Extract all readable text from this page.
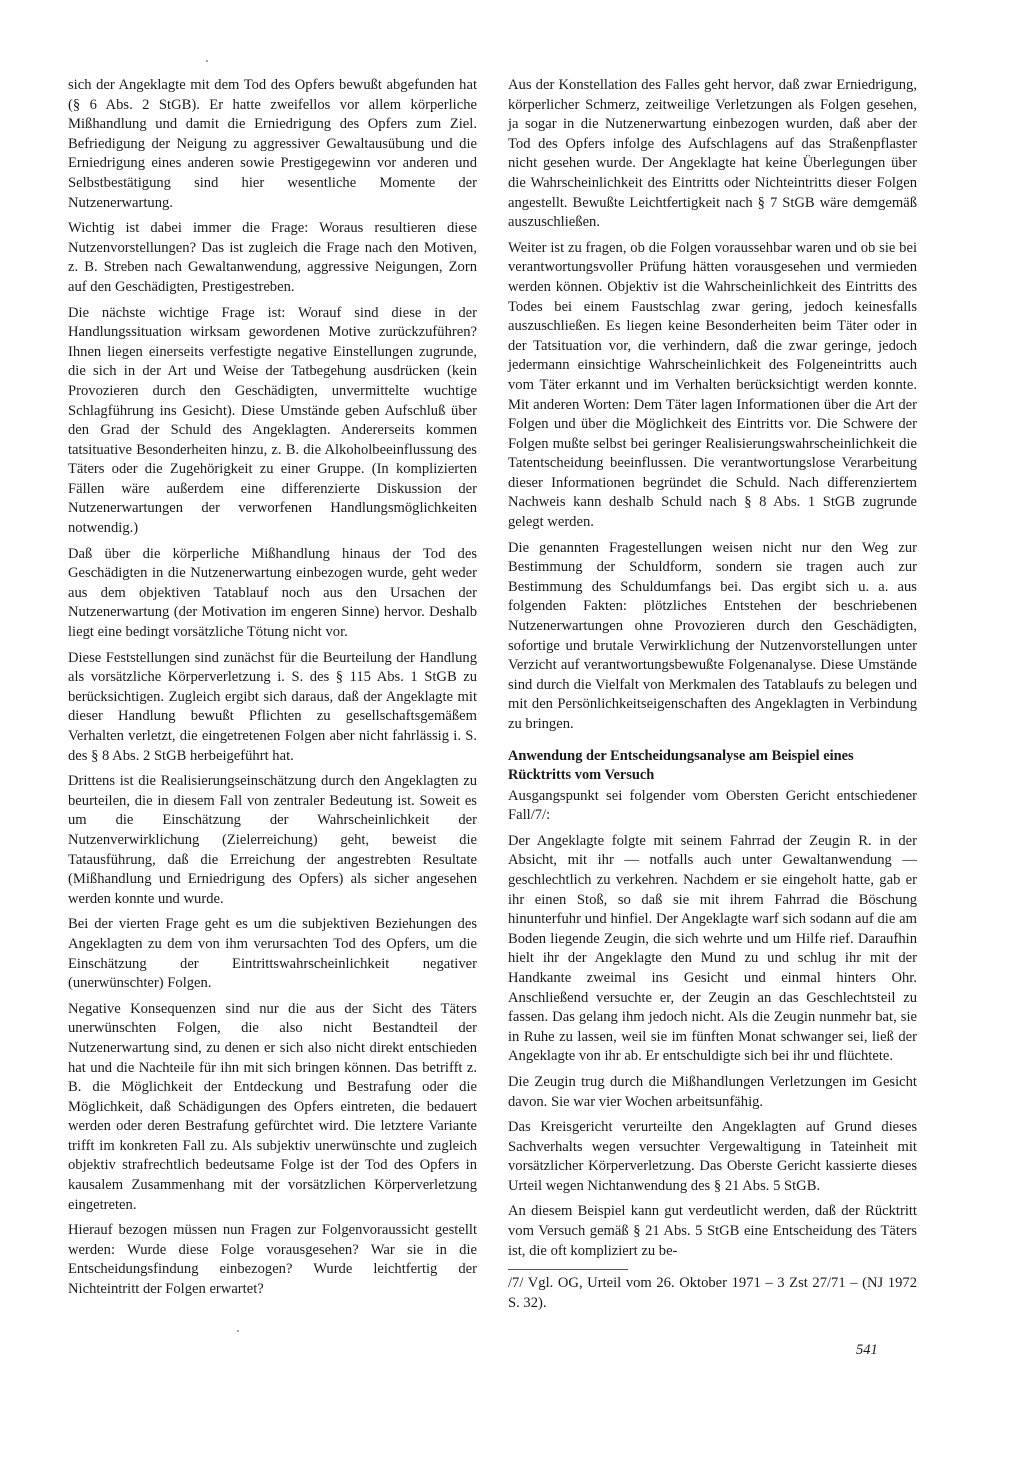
sich der Angeklagte mit dem Tod des Opfers bewußt abgefunden hat (§ 6 Abs. 2 StGB). Er hatte zweifellos vor allem körperliche Mißhandlung und damit die Erniedrigung des Opfers zum Ziel. Befriedigung der Neigung zu aggressiver Gewaltausübung und die Erniedrigung eines anderen sowie Prestigegewinn vor anderen und Selbstbestätigung sind hier wesentliche Momente der Nutzenerwartung.

Wichtig ist dabei immer die Frage: Woraus resultieren diese Nutzenvorstellungen? Das ist zugleich die Frage nach den Motiven, z. B. Streben nach Gewaltanwendung, aggressive Neigungen, Zorn auf den Geschädigten, Prestigestreben.

Die nächste wichtige Frage ist: Worauf sind diese in der Handlungssituation wirksam gewordenen Motive zurückzuführen? Ihnen liegen einerseits verfestigte negative Einstellungen zugrunde, die sich in der Art und Weise der Tatbegehung ausdrücken (kein Provozieren durch den Geschädigten, unvermittelte wuchtige Schlagführung ins Gesicht). Diese Umstände geben Aufschluß über den Grad der Schuld des Angeklagten. Andererseits kommen tatsituative Besonderheiten hinzu, z. B. die Alkoholbeeinflussung des Täters oder die Zugehörigkeit zu einer Gruppe. (In komplizierten Fällen wäre außerdem eine differenzierte Diskussion der Nutzenerwartungen der verworfenen Handlungsmöglichkeiten notwendig.)

Daß über die körperliche Mißhandlung hinaus der Tod des Geschädigten in die Nutzenerwartung einbezogen wurde, geht weder aus dem objektiven Tatablauf noch aus den Ursachen der Nutzenerwartung (der Motivation im engeren Sinne) hervor. Deshalb liegt eine bedingt vorsätzliche Tötung nicht vor.

Diese Feststellungen sind zunächst für die Beurteilung der Handlung als vorsätzliche Körperverletzung i. S. des § 115 Abs. 1 StGB zu berücksichtigen. Zugleich ergibt sich daraus, daß der Angeklagte mit dieser Handlung bewußt Pflichten zu gesellschaftsgemäßem Verhalten verletzt, die eingetretenen Folgen aber nicht fahrlässig i. S. des § 8 Abs. 2 StGB herbeigeführt hat.

Drittens ist die Realisierungseinschätzung durch den Angeklagten zu beurteilen, die in diesem Fall von zentraler Bedeutung ist. Soweit es um die Einschätzung der Wahrscheinlichkeit der Nutzenverwirklichung (Zielerreichung) geht, beweist die Tatausführung, daß die Erreichung der angestrebten Resultate (Mißhandlung und Erniedrigung des Opfers) als sicher angesehen werden konnte und wurde.

Bei der vierten Frage geht es um die subjektiven Beziehungen des Angeklagten zu dem von ihm verursachten Tod des Opfers, um die Einschätzung der Eintrittswahrscheinlichkeit negativer (unerwünschter) Folgen.

Negative Konsequenzen sind nur die aus der Sicht des Täters unerwünschten Folgen, die also nicht Bestandteil der Nutzenerwartung sind, zu denen er sich also nicht direkt entschieden hat und die Nachteile für ihn mit sich bringen können. Das betrifft z. B. die Möglichkeit der Entdeckung und Bestrafung oder die Möglichkeit, daß Schädigungen des Opfers eintreten, die bedauert werden oder deren Bestrafung gefürchtet wird. Die letztere Variante trifft im konkreten Fall zu. Als subjektiv unerwünschte und zugleich objektiv strafrechtlich bedeutsame Folge ist der Tod des Opfers in kausalem Zusammenhang mit der vorsätzlichen Körperverletzung eingetreten.

Hierauf bezogen müssen nun Fragen zur Folgenvoraussicht gestellt werden: Wurde diese Folge vorausgesehen? War sie in die Entscheidungsfindung einbezogen? Wurde leichtfertig der Nichteintritt der Folgen erwartet?

Aus der Konstellation des Falles geht hervor, daß zwar Erniedrigung, körperlicher Schmerz, zeitweilige Verletzungen als Folgen gesehen, ja sogar in die Nutzenerwartung einbezogen wurden, daß aber der Tod des Opfers infolge des Aufschlagens auf das Straßenpflaster nicht gesehen wurde. Der Angeklagte hat keine Überlegungen über die Wahrscheinlichkeit des Eintritts oder Nichteintritts dieser Folgen angestellt. Bewußte Leichtfertigkeit nach § 7 StGB wäre demgemäß auszuschließen.

Weiter ist zu fragen, ob die Folgen voraussehbar waren und ob sie bei verantwortungsvoller Prüfung hätten vorausgesehen und vermieden werden können. Objektiv ist die Wahrscheinlichkeit des Eintritts des Todes bei einem Faustschlag zwar gering, jedoch keinesfalls auszuschließen. Es liegen keine Besonderheiten beim Täter oder in der Tatsituation vor, die verhindern, daß die zwar geringe, jedoch jedermann einsichtige Wahrscheinlichkeit des Folgeneintritts auch vom Täter erkannt und im Verhalten berücksichtigt werden konnte. Mit anderen Worten: Dem Täter lagen Informationen über die Art der Folgen und über die Möglichkeit des Eintritts vor. Die Schwere der Folgen mußte selbst bei geringer Realisierungswahrscheinlichkeit die Tatentscheidung beeinflussen. Die verantwortungslose Verarbeitung dieser Informationen begründet die Schuld. Nach differenziertem Nachweis kann deshalb Schuld nach § 8 Abs. 1 StGB zugrunde gelegt werden.

Die genannten Fragestellungen weisen nicht nur den Weg zur Bestimmung der Schuldform, sondern sie tragen auch zur Bestimmung des Schuldumfangs bei. Das ergibt sich u. a. aus folgenden Fakten: plötzliches Entstehen der beschriebenen Nutzenerwartungen ohne Provozieren durch den Geschädigten, sofortige und brutale Verwirklichung der Nutzenvorstellungen unter Verzicht auf verantwortungsbewußte Folgenanalyse. Diese Umstände sind durch die Vielfalt von Merkmalen des Tatablaufs zu belegen und mit den Persönlichkeitseigenschaften des Angeklagten in Verbindung zu bringen.

Anwendung der Entscheidungsanalyse am Beispiel eines Rücktritts vom Versuch

Ausgangspunkt sei folgender vom Obersten Gericht entschiedener Fall/7/:

Der Angeklagte folgte mit seinem Fahrrad der Zeugin R. in der Absicht, mit ihr — notfalls auch unter Gewaltanwendung — geschlechtlich zu verkehren. Nachdem er sie eingeholt hatte, gab er ihr einen Stoß, so daß sie mit ihrem Fahrrad die Böschung hinunterfuhr und hinfiel. Der Angeklagte warf sich sodann auf die am Boden liegende Zeugin, die sich wehrte und um Hilfe rief. Daraufhin hielt ihr der Angeklagte den Mund zu und schlug ihr mit der Handkante zweimal ins Gesicht und einmal hinters Ohr. Anschließend versuchte er, der Zeugin an das Geschlechtsteil zu fassen. Das gelang ihm jedoch nicht. Als die Zeugin nunmehr bat, sie in Ruhe zu lassen, weil sie im fünften Monat schwanger sei, ließ der Angeklagte von ihr ab. Er entschuldigte sich bei ihr und flüchtete.

Die Zeugin trug durch die Mißhandlungen Verletzungen im Gesicht davon. Sie war vier Wochen arbeitsunfähig.

Das Kreisgericht verurteilte den Angeklagten auf Grund dieses Sachverhalts wegen versuchter Vergewaltigung in Tateinheit mit vorsätzlicher Körperverletzung. Das Oberste Gericht kassierte dieses Urteil wegen Nichtanwendung des § 21 Abs. 5 StGB.

An diesem Beispiel kann gut verdeutlicht werden, daß der Rücktritt vom Versuch gemäß § 21 Abs. 5 StGB eine Entscheidung des Täters ist, die oft kompliziert zu be-

/7/ Vgl. OG, Urteil vom 26. Oktober 1971 – 3 Zst 27/71 – (NJ 1972 S. 32).

541
